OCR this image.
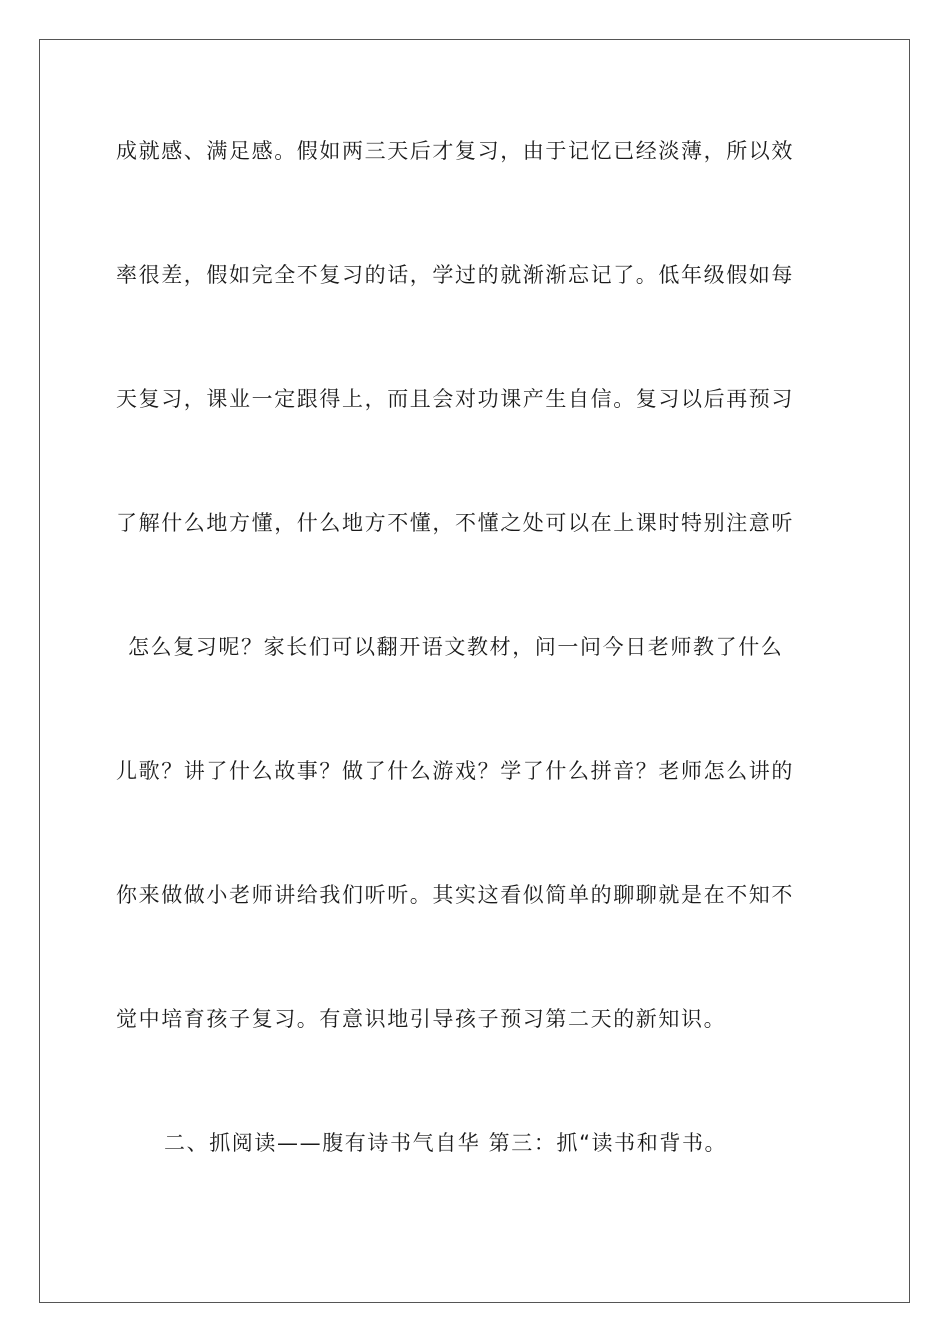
成就感、满足感。假如两三天后才复习，由于记忆已经淡薄，所以效
率很差，假如完全不复习的话，学过的就渐渐忘记了。低年级假如每
天复习，课业一定跟得上，而且会对功课产生自信。复习以后再预习
了解什么地方懂，什么地方不懂，不懂之处可以在上课时特别注意听
怎么复习呢？家长们可以翻开语文教材，问一问今日老师教了什么
儿歌？讲了什么故事？做了什么游戏？学了什么拼音？老师怎么讲的
你来做做小老师讲给我们听听。其实这看似简单的聊聊就是在不知不
觉中培育孩子复习。有意识地引导孩子预习第二天的新知识。
二、抓阅读——腹有诗书气自华 第三：抓“读书和背书。
